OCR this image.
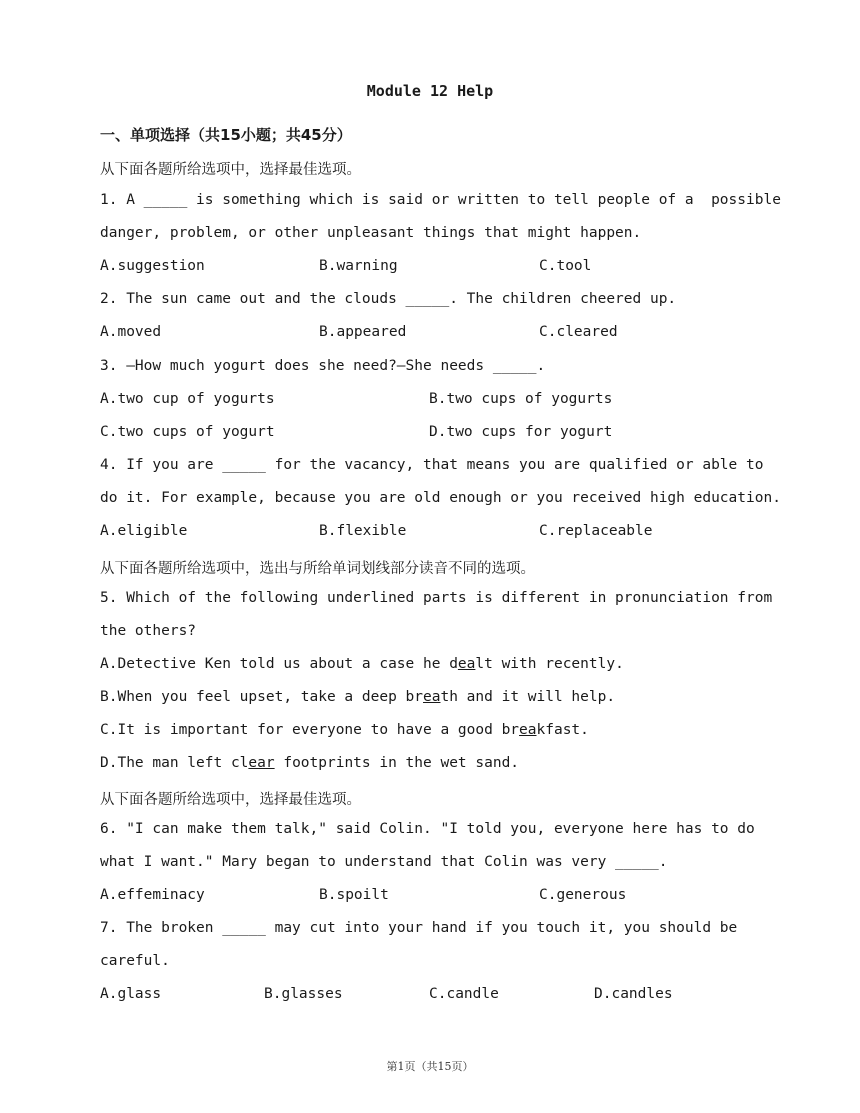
Module 12 Help
一、单项选择（共15小题；共45分）
从下面各题所给选项中，选择最佳选项。
1. A _____ is something which is said or written to tell people of a  possible
danger, problem, or other unpleasant things that might happen.
A.suggestion	B.warning	C.tool
2. The sun came out and the clouds _____. The children cheered up.
A.moved	B.appeared	C.cleared
3. —How much yogurt does she need?—She needs _____.
A.two cup of yogurts	B.two cups of yogurts
C.two cups of yogurt	D.two cups for yogurt
4. If you are _____ for the vacancy, that means you are qualified or able to
do it. For example, because you are old enough or you received high education.
A.eligible	B.flexible	C.replaceable
从下面各题所给选项中，选出与所给单词划线部分读音不同的选项。
5. Which of the following underlined parts is different in pronunciation from
the others?
A.Detective Ken told us about a case he dealt with recently.
B.When you feel upset, take a deep breath and it will help.
C.It is important for everyone to have a good breakfast.
D.The man left clear footprints in the wet sand.
从下面各题所给选项中，选择最佳选项。
6. "I can make them talk," said Colin. "I told you, everyone here has to do
what I want." Mary began to understand that Colin was very _____.
A.effeminacy	B.spoilt	C.generous
7. The broken _____ may cut into your hand if you touch it, you should be
careful.
A.glass	B.glasses	C.candle	D.candles
第1页（共15页）
